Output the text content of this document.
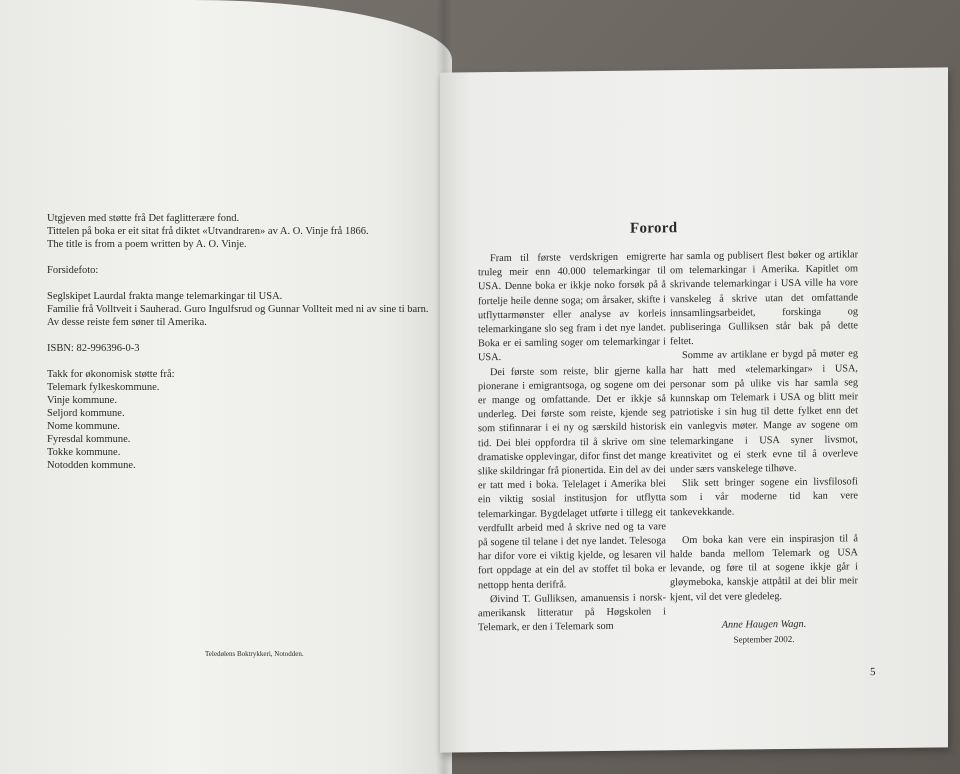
Utgjeven med støtte frå Det faglitterære fond.
Tittelen på boka er eit sitat frå diktet «Utvandraren» av A. O. Vinje frå 1866.
The title is from a poem written by A. O. Vinje.
Forsidefoto:
Seglskipet Laurdal frakta mange telemarkingar til USA.
Familie frå Volltveit i Sauherad. Guro Ingulfsrud og Gunnar Vollteit med ni av sine ti barn.
Av desse reiste fem søner til Amerika.
ISBN: 82-996396-0-3
Takk for økonomisk støtte frå:
Telemark fylkeskommune.
Vinje kommune.
Seljord kommune.
Nome kommune.
Fyresdal kommune.
Tokke kommune.
Notodden kommune.
Teledølens Boktrykkeri, Notodden.
Forord

Fram til første verdskrigen emigrerte truleg meir enn 40.000 telemarkingar til USA. Denne boka er ikkje noko forsøk på å fortelje heile denne soga; om årsaker, skifte i utflyttarmønster eller analyse av korleis telemarkingane slo seg fram i det nye landet. Boka er ei samling soger om telemarkingar i USA.

Dei første som reiste, blir gjerne kalla pionerane i emigrantsoga, og sogene om dei er mange og omfattande. Det er ikkje så underleg. Dei første som reiste, kjende seg som stifinnarar i ei ny og særskild historisk tid. Dei blei oppfordra til å skrive om sine dramatiske opplevingar, difor finst det mange slike skildringar frå pionertida. Ein del av dei er tatt med i boka. Telelaget i Amerika blei ein viktig sosial institusjon for utflytta telemarkingar. Bygdelaget utførte i tillegg eit verdfullt arbeid med å skrive ned og ta vare på sogene til telane i det nye landet. Telesoga har difor vore ei viktig kjelde, og lesaren vil fort oppdage at ein del av stoffet til boka er nettopp henta derifrå.

Øivind T. Gulliksen, amanuensis i norsk-amerikansk litteratur på Høgskolen i Telemark, er den i Telemark som

har samla og publisert flest bøker og artiklar om telemarkingar i Amerika. Kapitlet om skrivande telemarkingar i USA ville ha vore vanskeleg å skrive utan det omfattande innsamlingsarbeidet, forskinga og publiseringa Gulliksen står bak på dette feltet.

Somme av artiklane er bygd på møter eg har hatt med «telemarkingar» i USA, personar som på ulike vis har samla seg kunnskap om Telemark i USA og blitt meir patriotiske i sin hug til dette fylket enn det ein vanlegvis møter. Mange av sogene om telemarkingane i USA syner livsmot, kreativitet og ei sterk evne til å overleve under særs vanskelege tilhøve.

Slik sett bringer sogene ein livsfilosofi som i vår moderne tid kan vere tankevekkande.

Om boka kan vere ein inspirasjon til å halde banda mellom Telemark og USA levande, og føre til at sogene ikkje går i gløymeboka, kanskje attpåtil at dei blir meir kjent, vil det vere gledeleg.

Anne Haugen Wagn.
September 2002.
5
